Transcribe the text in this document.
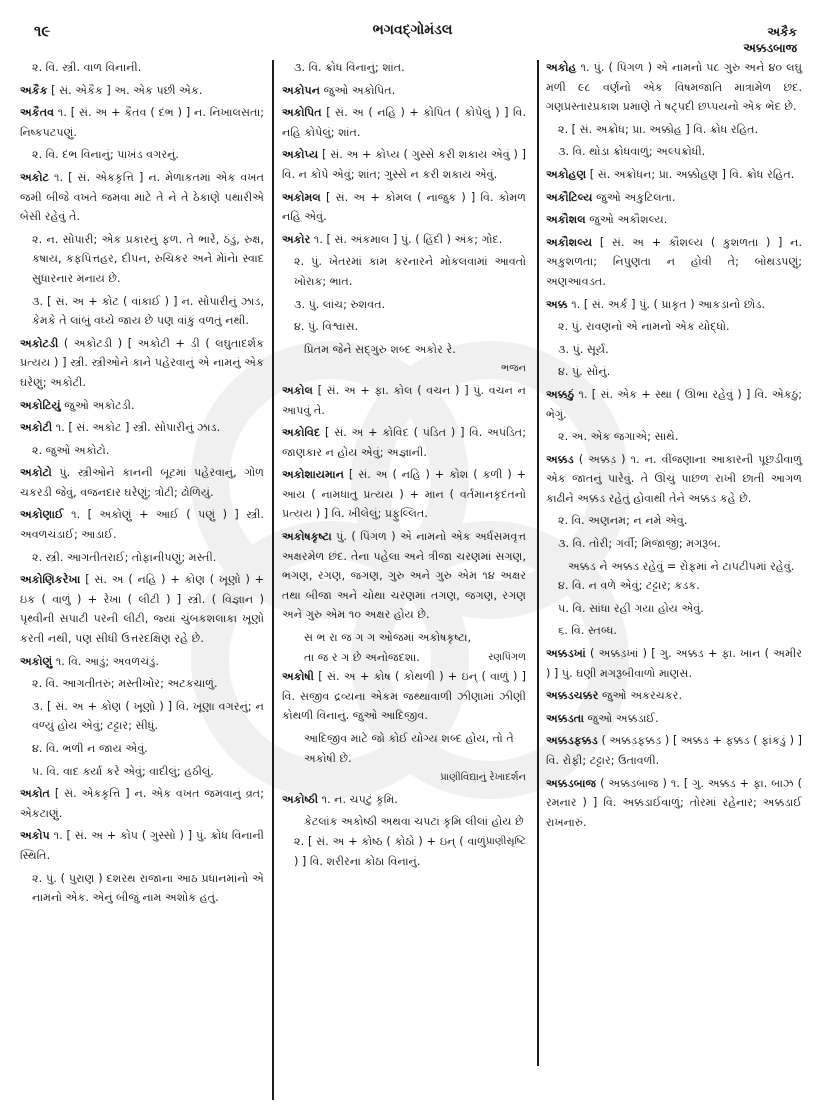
૧૯	ભગવદ્ગોમંડલ	અકૈક
અક્કડબાજ
૨. વિ. સ્ત્રી. વાળ વિનાની.
અકૈક [ સં. એકૈક ] અ. એક પછી એક.
અકૈતવ ૧. [ સં. અ + કૈતવ ( દંભ ) ] ન. નિખાલસતા; નિષ્કપટપણું.
૨. વિ. દંભ વિનાનું; પાખંડ વગરનું.
અકોટ ૧. [ સં. એકકૃત્તિ ] ન. મેળાકતમાં એક વખત જમી બીજે વખતે જમવા માટે તે ને તે ઠેકાણે પથારીએ બેસી રહેવું તે.
૨. ન. સોપારી; એક પ્રકારનું ફળ. તે ભારે, ઠંડું, રુક્ષ, કષાય, કફપિત્તહર, દીપન, રુચિકર અને મેાંનેા સ્વાદ સુધારનાર મનાય છે.
૩. [ સં. અ + કોટ ( વાંકાઈ ) ] ન. સોપારીનું ઝાડ, કેમકે તે લાંબું વધ્યે જાય છે પણ વાંકું વળતું નથી.
અકોટડી ( અકોટડી ) [ અકોટી + ડી ( લઘુતાદર્શક પ્રત્યય ) ] સ્ત્રી. સ્ત્રીઓને કાને પહેરવાનું એ નામનું એક ઘરેણું; અકોટી.
અકોટિયું જુઓ અકોટડી.
અકોટી ૧. [ સં. અકોટ ] સ્ત્રી. સોપારીનું ઝાડ.
૨. જુઓ અકોટો.
અકોટો પું. સ્ત્રીઓને કાનની બૂટમાં પહેરવાનું, ગોળ ચકરડી જેવું, વજનદાર ઘરેણું; ત્રોટી; ઢોળિયું.
અકોણાઈ ૧. [ અકોણું + આઈ ( પણું ) ] સ્ત્રી. અવળચંડાઈ; આડાઈ.
૨. સ્ત્રી. આગતીતરાઈ; તોફાનીપણું; મસ્તી.
અકોણિકરેખા [ સં. અ ( નહિ ) + કોણ ( ખૂણો ) + ઇક ( વાળું ) + રેખા ( લીટી ) ] સ્ત્રી. ( વિજ્ઞાન ) પૃથ્વીની સપાટી પરની લીટી, જ્યાં ચુંબકશલાકા ખૂણો કરતી નથી, પણ સીધી ઉત્તરદક્ષિણ રહે છે.
અકોણું ૧. વિ. આડું; અવળચંડું.
૨. વિ. આગતીતરું; મસ્તીખોર; અટકચાળું.
૩. [ સં. અ + કોણ ( ખૂણો ) ] વિ. ખૂણા વગરનું; ન વળ્યું હોય એવું; ટટ્ટાર; સીધું.
૪. વિ. ભળી ન જાય એવું.
૫. વિ. વાદ કર્યા કરે એવું; વાદીલું; હઠીલું.
અકોત [ સં. એકકૃત્તિ ] ન. એક વખત જમવાનું વ્રત; એકટાણું.
અકોપ ૧. [ સં. અ + કોપ ( ગુસ્સો ) ] પું. ક્રોધ વિનાની સ્થિતિ.
૨. પું. ( પુરાણ ) દશરથ રાજાના આઠ પ્રધાનમાંનો એ નામનો એક. એનું બીજું નામ અશોક હતું.
૩. વિ. ક્રોધ વિનાનું; શાંત.
અકોપન જુઓ અકોપિત.
અકોપિત [ સં. અ ( નહિ ) + કોપિત ( કોપેલું ) ] વિ. નહિ કોપેલું; શાંત.
અકોપ્ય [ સં. અ + કોપ્ય ( ગુસ્સે કરી શકાય એવું ) ] વિ. ન કોપે એવું; શાંત; ગુસ્સે ન કરી શકાય એવું.
અકોમલ [ સં. અ + કોમલ ( નાજુક ) ] વિ. કોમળ નહિ એવું.
અકોર ૧. [ સં. અંકમાલ ] પું. ( હિંદી ) અંક; ગોદ.
૨. પું. ખેતરમાં કામ કરનારને મોકલવામાં આવતો ખોરાક; ભાત.
૩. પું. લાંચ; રુશવત.
૪. પું. વિશ્વાસ.
પ્રિતમ જેને સદ્‌ગુરુ શબ્દ અકોર રે.
ભજન
અકોલ [ સં. અ + ફા. કોલ ( વચન ) ] પું. વચન ન આપવું તે.
અકોવિદ [ સં. અ + કોવિદ ( પંડિત ) ] વિ. અપંડિત; જાણકાર ન હોય એવું; અજ્ઞાની.
અકોશાયમાન [ સં. અ ( નહિ ) + કોશ ( કળી ) + આય ( નામધાતુ પ્રત્યય ) + માન ( વર્તમાનકૃદંતનો પ્રત્યય ) ] વિ. ખીલેલું; પ્રફુલ્લિત.
અકોષકૃષ્ટા પું. ( પિંગળ ) એ નામનો એક અર્ધસમવૃત્ત અક્ષરમેળ છંદ. તેના પહેલા અને ત્રીજા ચરણમાં સગણ, ભગણ, રગણ, જગણ, ગુરુ અને ગુરુ એમ ૧૪ અક્ષર તથા બીજા અને ચોથા ચરણમાં તગણ, જગણ, રગણ અને ગુરુ એમ ૧૦ અક્ષર હોય છે.
સ ભ રા જ ગ ગ ઓજમાં અકોષકૃષ્ટા,
તા જ ર ગ છે અનોજદશા.	રણપિંગળ
અકોષી [ સં. અ + કોષ ( કોથળી ) + ઇન્ ( વાળું ) ] વિ. સજીવ દ્રવ્યના એકમ જથ્થાવાળી ઝીણામાં ઝીણી કોથળી વિનાનું. જુઓ આદિજીવ.
આદિજીવ માટે જો કોઈ યોગ્ય શબ્દ હોય, તો તે અકોષી છે.
પ્રાણીવિદ્યાનું રેખાદર્શન
અકોષ્ઠી ૧. ન. ચપટું કૃમિ.
કેટલાંક અકોષ્ઠી અથવા ચપટાં કૃમિ લીલાં હોય છે
પ્રાણીસૃષ્ટિ
૨. [ સં. અ + કોષ્ઠ ( કોઠો ) + ઇન્ ( વાળું ) ] વિ. શરીરના કોઠા વિનાનું.
અકોહ ૧. પું. ( પિંગળ ) એ નામનો ૫૮ ગુરુ અને ૪૦ લઘુ મળી ૯૮ વર્ણનો એક વિષમજાતિ માત્રામેળ છંદ. ગણપ્રસ્તારપ્રકાશ પ્રમાણે તે ષટ્પદી છપ્પયનો એક ભેદ છે.
૨. [ સં. અક્રોધ; પ્રા. અક્કોહ ] વિ. ક્રોધ રહિત.
૩. વિ. થોડા ક્રોધવાળું; અલ્પક્રોધી.
અકોહણ [ સં. અક્રોધન; પ્રા. અક્કોહણ ] વિ. ક્રોધ રહિત.
અકૌટિલ્ય જુઓ અકુટિલતા.
અકૌશલ જુઓ અકૌશલ્ય.
અકૌશલ્ય [ સં. અ + કૌશલ્ય ( કુશળતા ) ] ન. અકુશળતા; નિપુણતા ન હોવી તે; બોથડપણું; અણઆવડત.
અક્ક ૧. [ સં. અર્ક ] પું. ( પ્રાકૃત ) આકડાનો છોડ.
૨. પું. રાવણનો એ નામનો એક યોદ્ધો.
૩. પું. સૂર્ય.
૪. પું. સોનું.
અક્કઠું ૧. [ સં. એક + સ્થા ( ઊભા રહેવું ) ] વિ. એકઠું; ભેગું.
૨. અ. એક જગાએ; સાથે.
અક્કડ ( અક્કડ઼ ) ૧. ન. વીંજણાના આકારની પૂછડીવાળું એક જાતનું પારેવું. તે ઊંચું પાછળ રાખી છાતી આગળ કાઢીને અક્કડ રહેતું હોવાથી તેને અક્કડ કહે છે.
૨. વિ. અણનમ; ન નમે એવું.
૩. વિ. તોરી; ગર્વી; મિજાજી; મગરૂબ.
અક્કડ ને અક્કડ રહેવું = રોફમાં ને ટાપટીપમાં રહેવું.
૪. વિ. ન વળે એવું; ટટ્ટાર; કડક.
૫. વિ. સાંધા રહી ગયા હોય એવું.
૬. વિ. સ્તબ્ધ.
અક્કડખાં ( અક્કડ઼ખાં ) [ ગુ. અક્કડ + ફા. ખાન ( અમીર ) ] પું. ઘણી મગરૂબીવાળો માણસ.
અક્કડચક્કર જુઓ અકરચકર.
અક્કડતા જુઓ અક્કડાઈ.
અક્કડફક્કડ ( અક્કડ઼ફક્કડ઼ ) [ અક્કડ + ફક્કડ ( ફાંકડું ) ] વિ. રોફી; ટટ્ટાર; ઉતાવળી.
અક્કડબાજ ( અક્કડ઼બાજ ) ૧. [ ગુ. અક્કડ + ફા. બાઝ ( રમનાર ) ] વિ. અક્કડાઈવાળું; તોરમાં રહેનાર; અક્કડાઈ રાખનારું.
